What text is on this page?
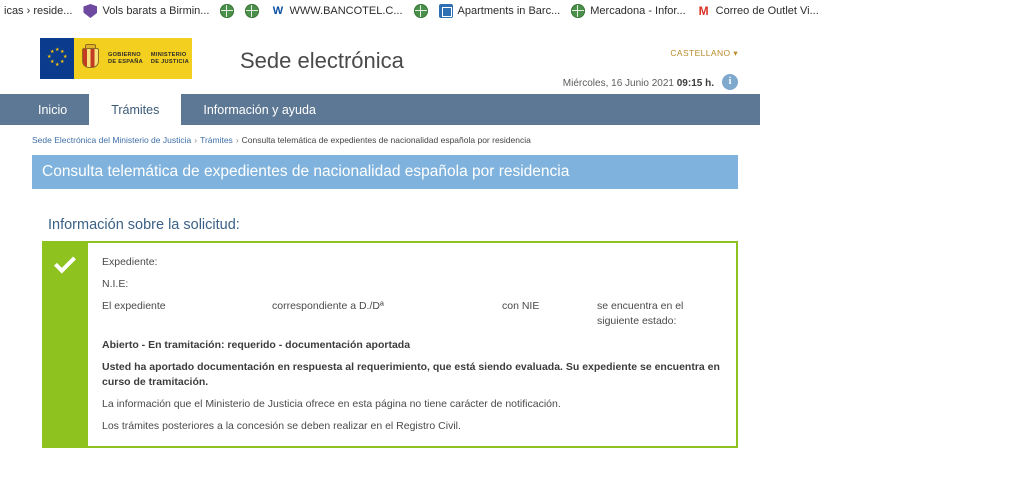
icas › reside...	Vols barats a Birmin...	W WWW.BANCOTEL.C...	Apartments in Barc...	Mercadona - Infor... M Correo de Outlet Vi...
★ ★
★
★
★
★
★
★	GOBIERNO
DE ESPAÑA
MINISTERIO
DE JUSTICIA Sede electrónica	CASTELLANO ▾
Miércoles, 16 Junio 2021 09:15 h.	i
Inicio	Trámites	Información y ayuda
Sede Electrónica del Ministerio de Justicia › Trámites › Consulta telemática de expedientes de nacionalidad española por residencia
Consulta telemática de expedientes de nacionalidad española por residencia
Información sobre la solicitud:

Expediente:

N.I.E:

El expediente	correspondiente a D./Dª	con NIE	se encuentra en el siguiente estado:

Abierto - En tramitación: requerido - documentación aportada

Usted ha aportado documentación en respuesta al requerimiento, que está siendo evaluada. Su expediente se encuentra en curso de tramitación.

La información que el Ministerio de Justicia ofrece en esta página no tiene carácter de notificación.

Los trámites posteriores a la concesión se deben realizar en el Registro Civil.
